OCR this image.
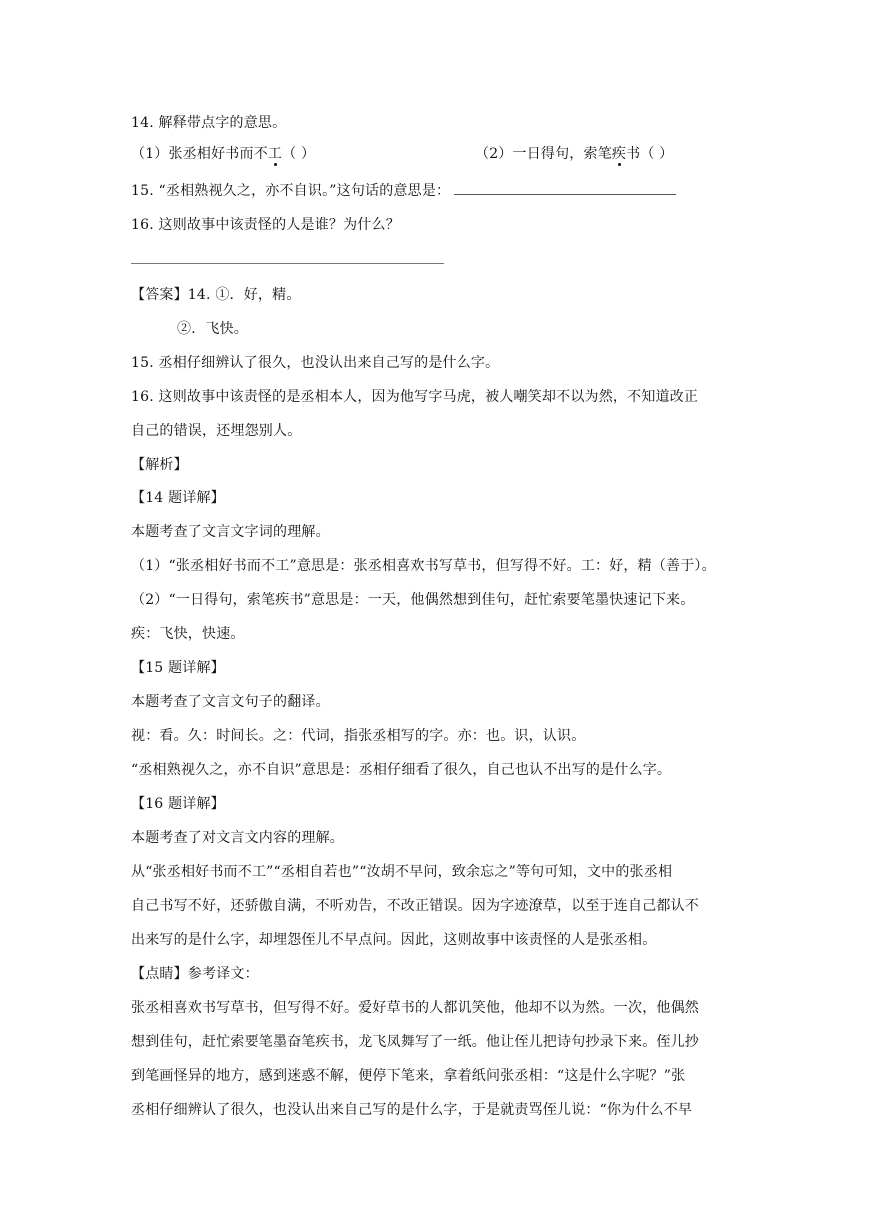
14. 解释带点字的意思。
（1）张丞相好书而不工（ ）	（2）一日得句，索笔疾书（ ）
15. “丞相熟视久之，亦不自识。”这句话的意思是：
16. 这则故事中该责怪的人是谁？为什么？
【答案】14. ①．好，精。
②．飞快。
15. 丞相仔细辨认了很久，也没认出来自己写的是什么字。
16. 这则故事中该责怪的是丞相本人，因为他写字马虎，被人嘲笑却不以为然，不知道改正
自己的错误，还埋怨别人。
【解析】
【14 题详解】
本题考查了文言文字词的理解。
（1）“张丞相好书而不工”意思是：张丞相喜欢书写草书，但写得不好。工：好，精（善于）。
（2）“一日得句，索笔疾书”意思是：一天，他偶然想到佳句，赶忙索要笔墨快速记下来。
疾：飞快，快速。
【15 题详解】
本题考查了文言文句子的翻译。
视：看。久：时间长。之：代词，指张丞相写的字。亦：也。识，认识。
“丞相熟视久之，亦不自识”意思是：丞相仔细看了很久，自己也认不出写的是什么字。
【16 题详解】
本题考查了对文言文内容的理解。
从“张丞相好书而不工”“丞相自若也”“汝胡不早问，致余忘之”等句可知，文中的张丞相
自己书写不好，还骄傲自满，不听劝告，不改正错误。因为字迹潦草，以至于连自己都认不
出来写的是什么字，却埋怨侄儿不早点问。因此，这则故事中该责怪的人是张丞相。
【点睛】参考译文：
张丞相喜欢书写草书，但写得不好。爱好草书的人都讥笑他，他却不以为然。一次，他偶然
想到佳句，赶忙索要笔墨奋笔疾书，龙飞凤舞写了一纸。他让侄儿把诗句抄录下来。侄儿抄
到笔画怪异的地方，感到迷惑不解，便停下笔来，拿着纸问张丞相：“这是什么字呢？”张
丞相仔细辨认了很久，也没认出来自己写的是什么字，于是就责骂侄儿说：“你为什么不早
